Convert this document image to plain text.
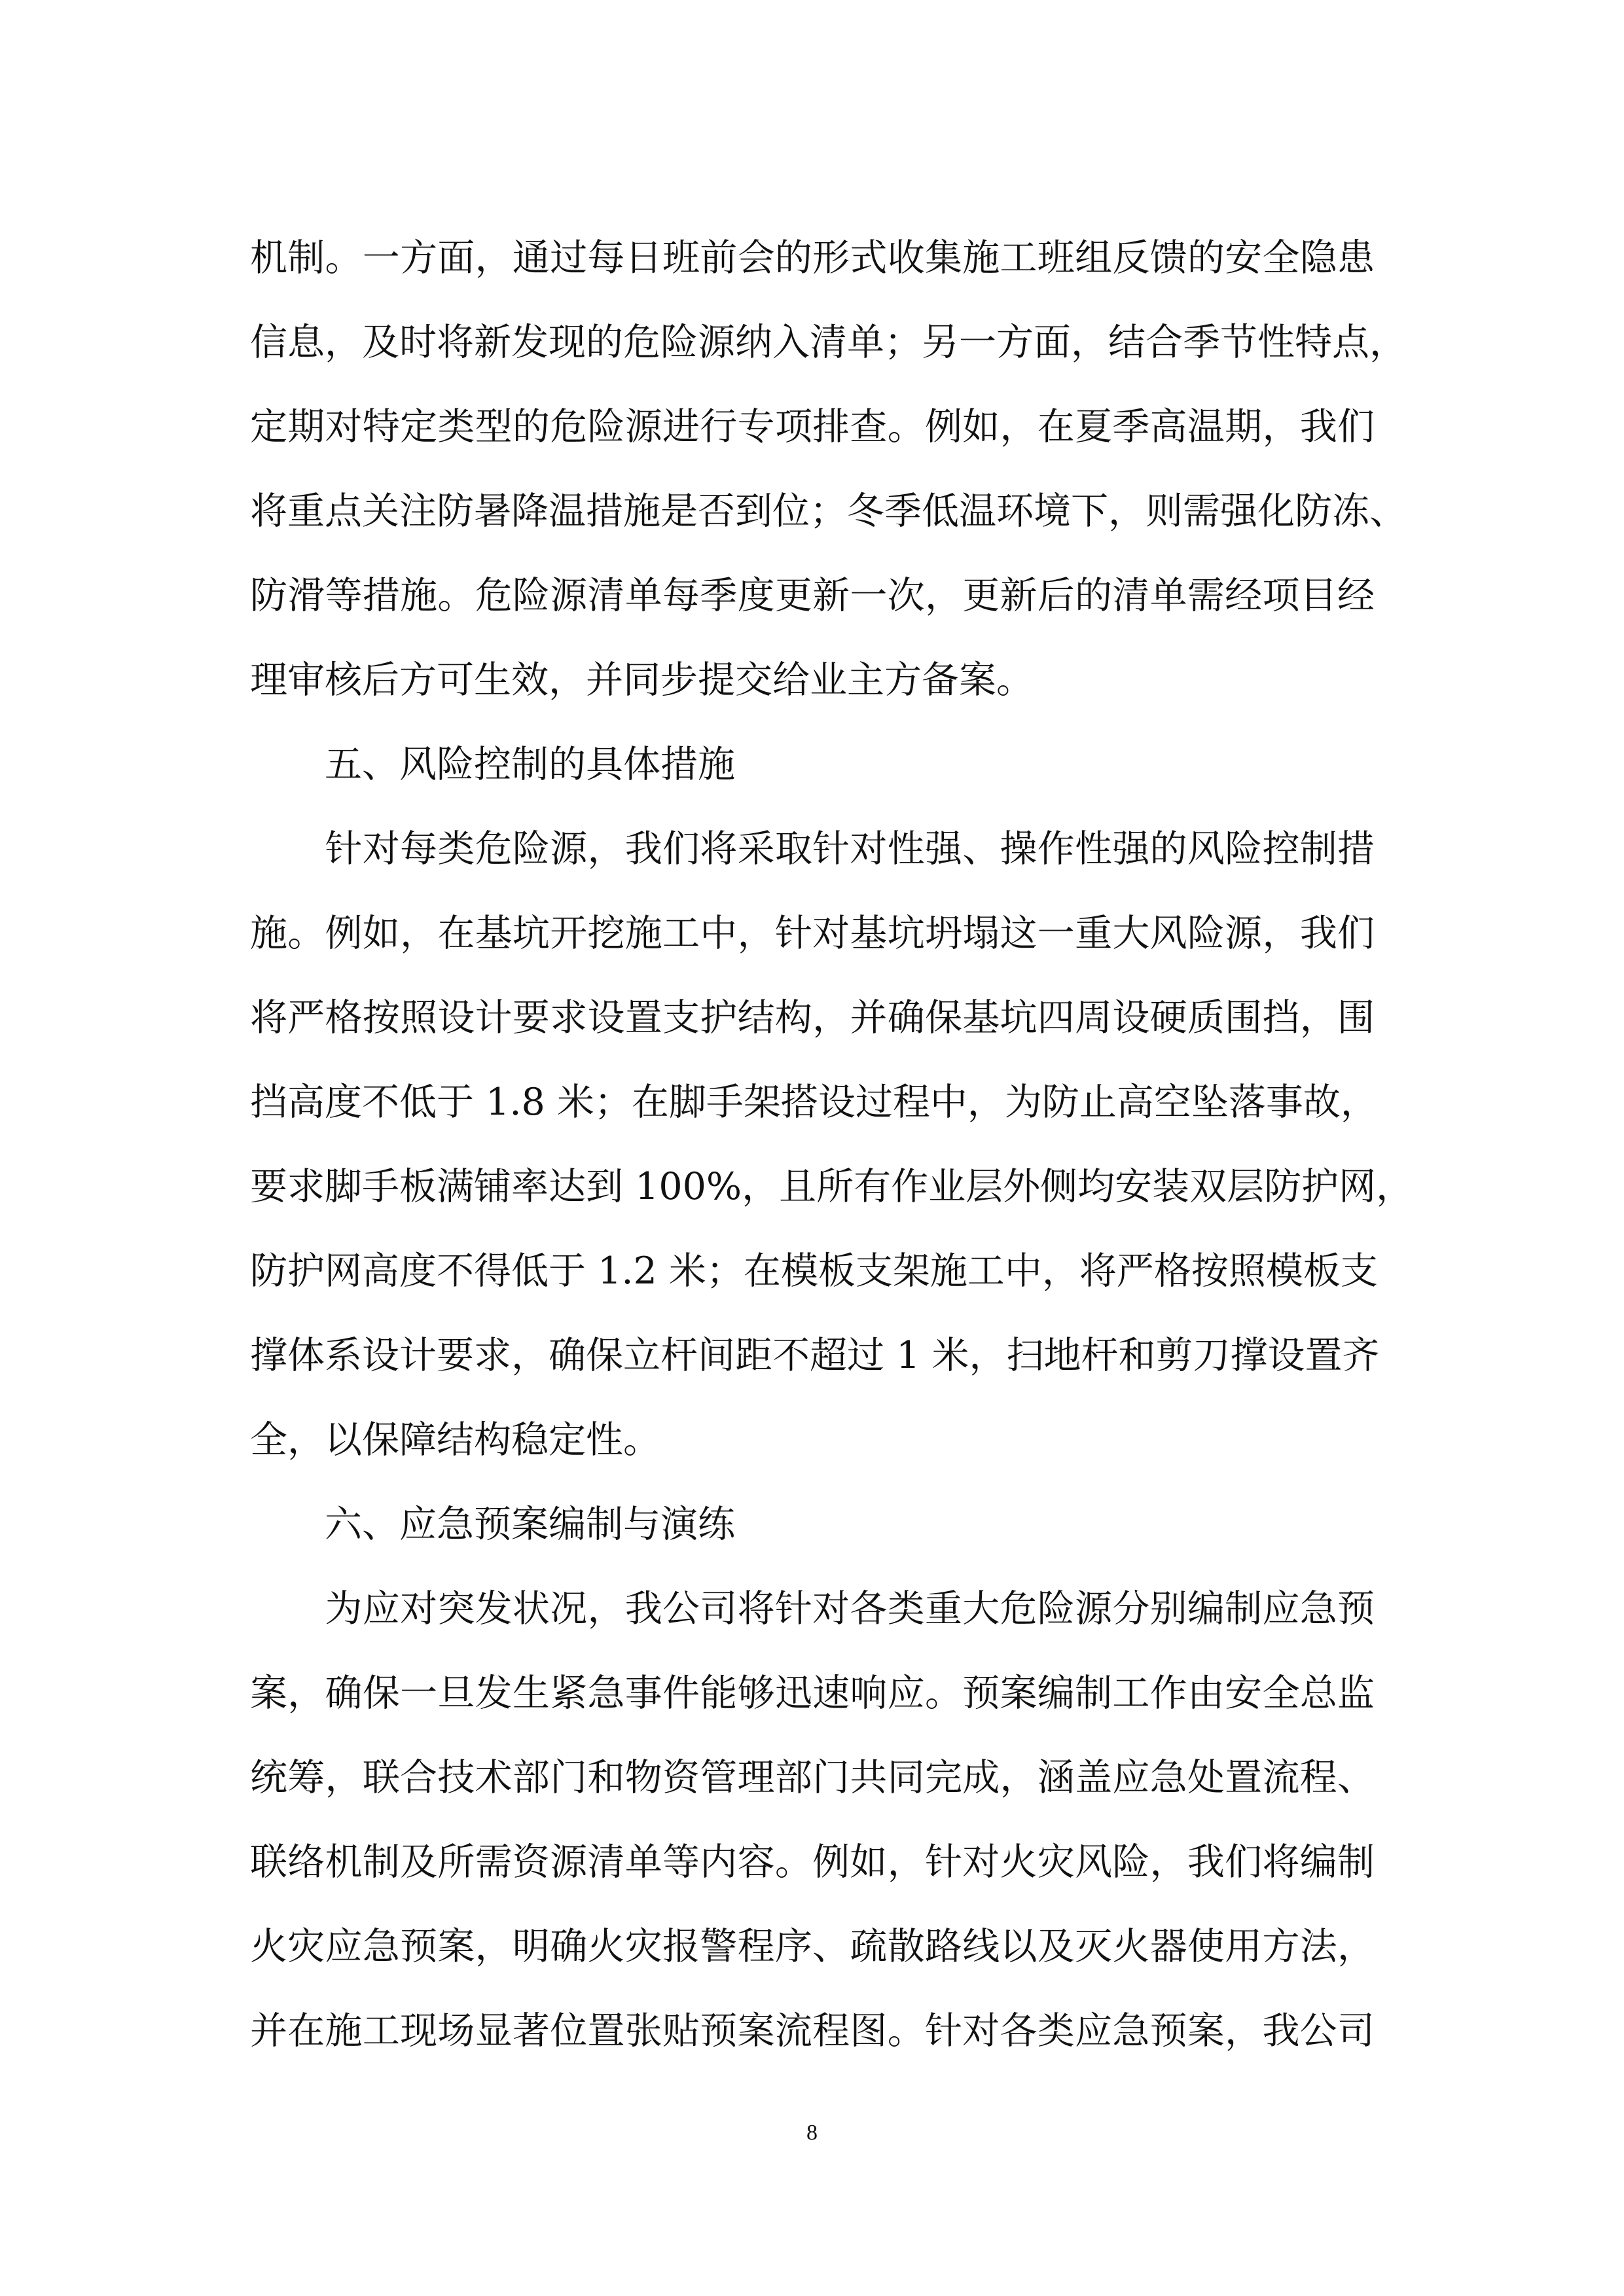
机制。一方面，通过每日班前会的形式收集施工班组反馈的安全隐患
信息，及时将新发现的危险源纳入清单；另一方面，结合季节性特点，
定期对特定类型的危险源进行专项排查。例如，在夏季高温期，我们
将重点关注防暑降温措施是否到位；冬季低温环境下，则需强化防冻、
防滑等措施。危险源清单每季度更新一次，更新后的清单需经项目经
理审核后方可生效，并同步提交给业主方备案。
五、风险控制的具体措施
　　针对每类危险源，我们将采取针对性强、操作性强的风险控制措
施。例如，在基坑开挖施工中，针对基坑坍塌这一重大风险源，我们
将严格按照设计要求设置支护结构，并确保基坑四周设硬质围挡，围
挡高度不低于 1.8 米；在脚手架搭设过程中，为防止高空坠落事故，
要求脚手板满铺率达到 100%，且所有作业层外侧均安装双层防护网，
防护网高度不得低于 1.2 米；在模板支架施工中，将严格按照模板支
撑体系设计要求，确保立杆间距不超过 1 米，扫地杆和剪刀撑设置齐
全，以保障结构稳定性。
六、应急预案编制与演练
　　为应对突发状况，我公司将针对各类重大危险源分别编制应急预
案，确保一旦发生紧急事件能够迅速响应。预案编制工作由安全总监
统筹，联合技术部门和物资管理部门共同完成，涵盖应急处置流程、
联络机制及所需资源清单等内容。例如，针对火灾风险，我们将编制
火灾应急预案，明确火灾报警程序、疏散路线以及灭火器使用方法，
并在施工现场显著位置张贴预案流程图。针对各类应急预案，我公司
8
